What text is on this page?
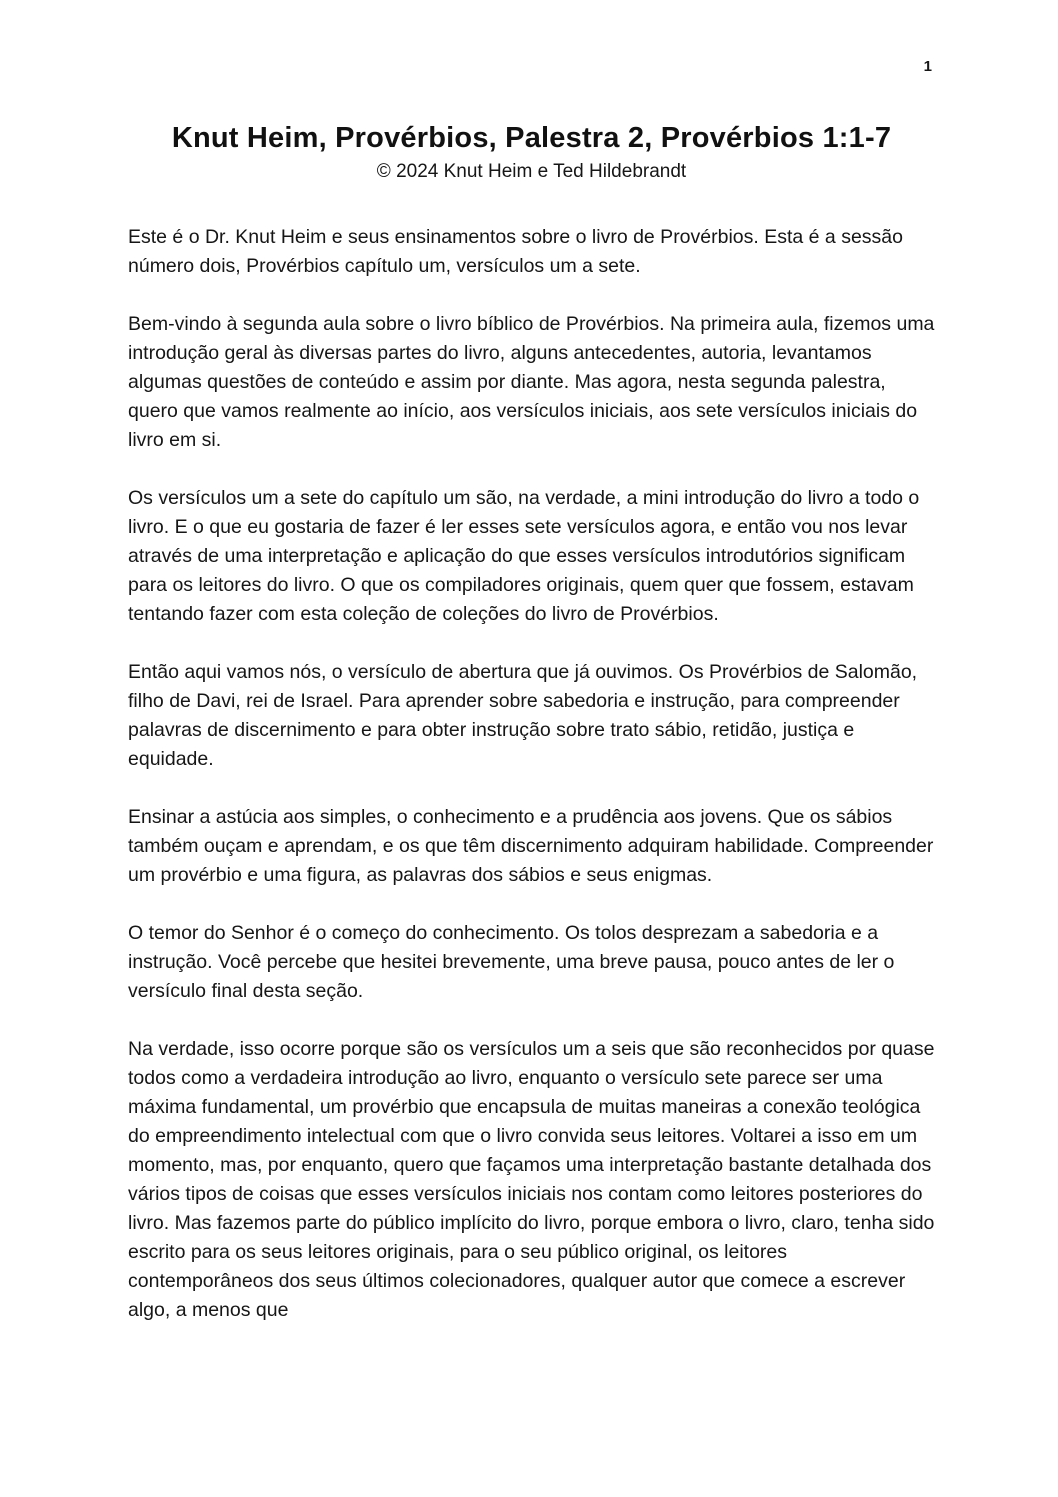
1
Knut Heim, Provérbios, Palestra 2, Provérbios 1:1-7
© 2024 Knut Heim e Ted Hildebrandt

Este é o Dr. Knut Heim e seus ensinamentos sobre o livro de Provérbios. Esta é a sessão número dois, Provérbios capítulo um, versículos um a sete.

Bem-vindo à segunda aula sobre o livro bíblico de Provérbios. Na primeira aula, fizemos uma introdução geral às diversas partes do livro, alguns antecedentes, autoria, levantamos algumas questões de conteúdo e assim por diante. Mas agora, nesta segunda palestra, quero que vamos realmente ao início, aos versículos iniciais, aos sete versículos iniciais do livro em si.

Os versículos um a sete do capítulo um são, na verdade, a mini introdução do livro a todo o livro. E o que eu gostaria de fazer é ler esses sete versículos agora, e então vou nos levar através de uma interpretação e aplicação do que esses versículos introdutórios significam para os leitores do livro. O que os compiladores originais, quem quer que fossem, estavam tentando fazer com esta coleção de coleções do livro de Provérbios.

Então aqui vamos nós, o versículo de abertura que já ouvimos. Os Provérbios de Salomão, filho de Davi, rei de Israel. Para aprender sobre sabedoria e instrução, para compreender palavras de discernimento e para obter instrução sobre trato sábio, retidão, justiça e equidade.

Ensinar a astúcia aos simples, o conhecimento e a prudência aos jovens. Que os sábios também ouçam e aprendam, e os que têm discernimento adquiram habilidade. Compreender um provérbio e uma figura, as palavras dos sábios e seus enigmas.

O temor do Senhor é o começo do conhecimento. Os tolos desprezam a sabedoria e a instrução. Você percebe que hesitei brevemente, uma breve pausa, pouco antes de ler o versículo final desta seção.

Na verdade, isso ocorre porque são os versículos um a seis que são reconhecidos por quase todos como a verdadeira introdução ao livro, enquanto o versículo sete parece ser uma máxima fundamental, um provérbio que encapsula de muitas maneiras a conexão teológica do empreendimento intelectual com que o livro convida seus leitores. Voltarei a isso em um momento, mas, por enquanto, quero que façamos uma interpretação bastante detalhada dos vários tipos de coisas que esses versículos iniciais nos contam como leitores posteriores do livro. Mas fazemos parte do público implícito do livro, porque embora o livro, claro, tenha sido escrito para os seus leitores originais, para o seu público original, os leitores contemporâneos dos seus últimos colecionadores, qualquer autor que comece a escrever algo, a menos que
